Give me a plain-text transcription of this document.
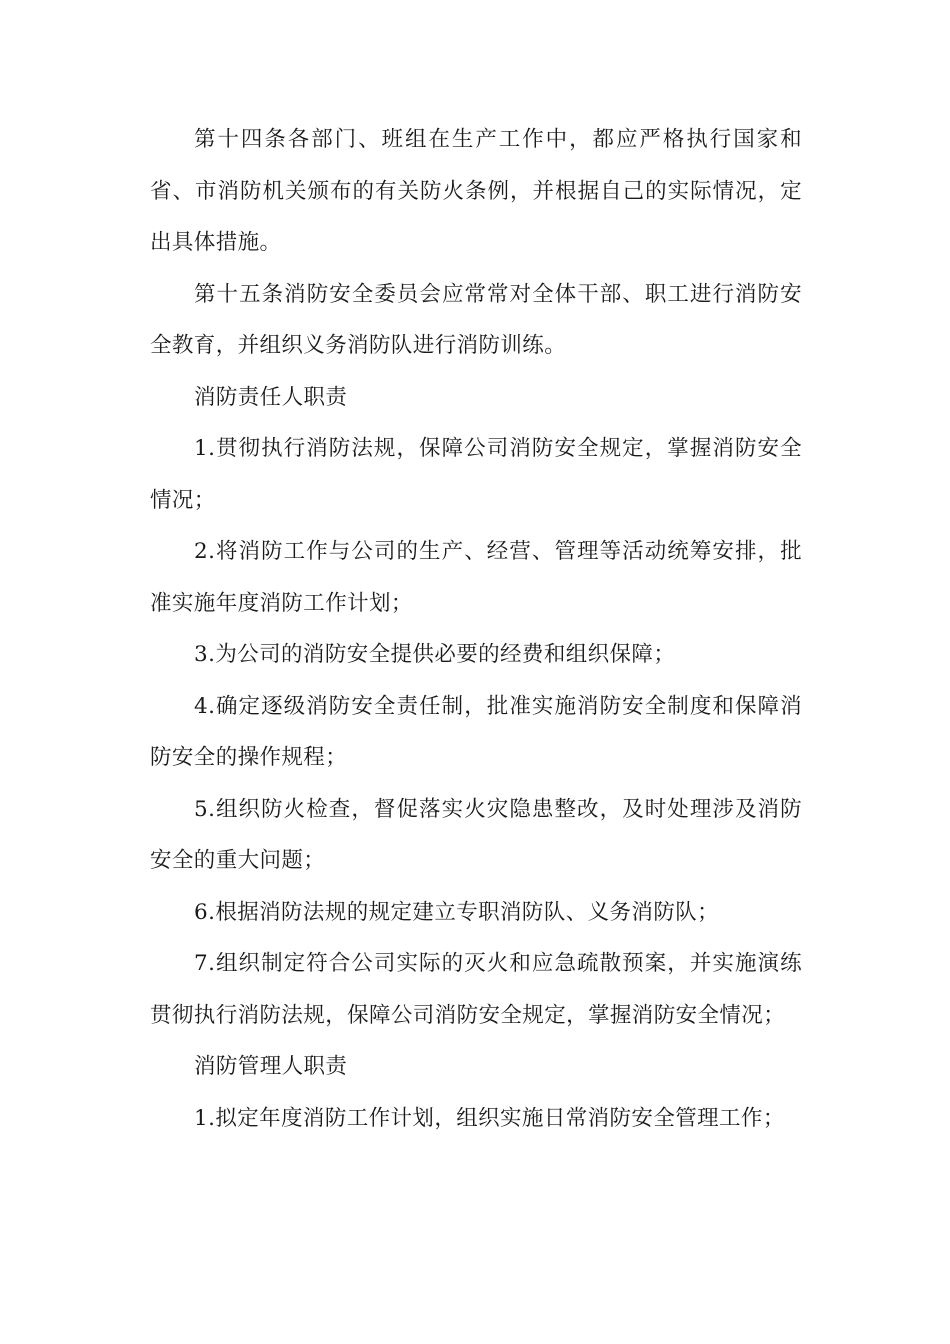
第十四条各部门、班组在生产工作中，都应严格执行国家和省、市消防机关颁布的有关防火条例，并根据自己的实际情况，定出具体措施。

第十五条消防安全委员会应常常对全体干部、职工进行消防安全教育，并组织义务消防队进行消防训练。

消防责任人职责

1.贯彻执行消防法规，保障公司消防安全规定，掌握消防安全情况；

2.将消防工作与公司的生产、经营、管理等活动统筹安排，批准实施年度消防工作计划；

3.为公司的消防安全提供必要的经费和组织保障；

4.确定逐级消防安全责任制，批准实施消防安全制度和保障消防安全的操作规程；

5.组织防火检查，督促落实火灾隐患整改，及时处理涉及消防安全的重大问题；

6.根据消防法规的规定建立专职消防队、义务消防队；

7.组织制定符合公司实际的灭火和应急疏散预案，并实施演练贯彻执行消防法规，保障公司消防安全规定，掌握消防安全情况；

消防管理人职责

1.拟定年度消防工作计划，组织实施日常消防安全管理工作；
